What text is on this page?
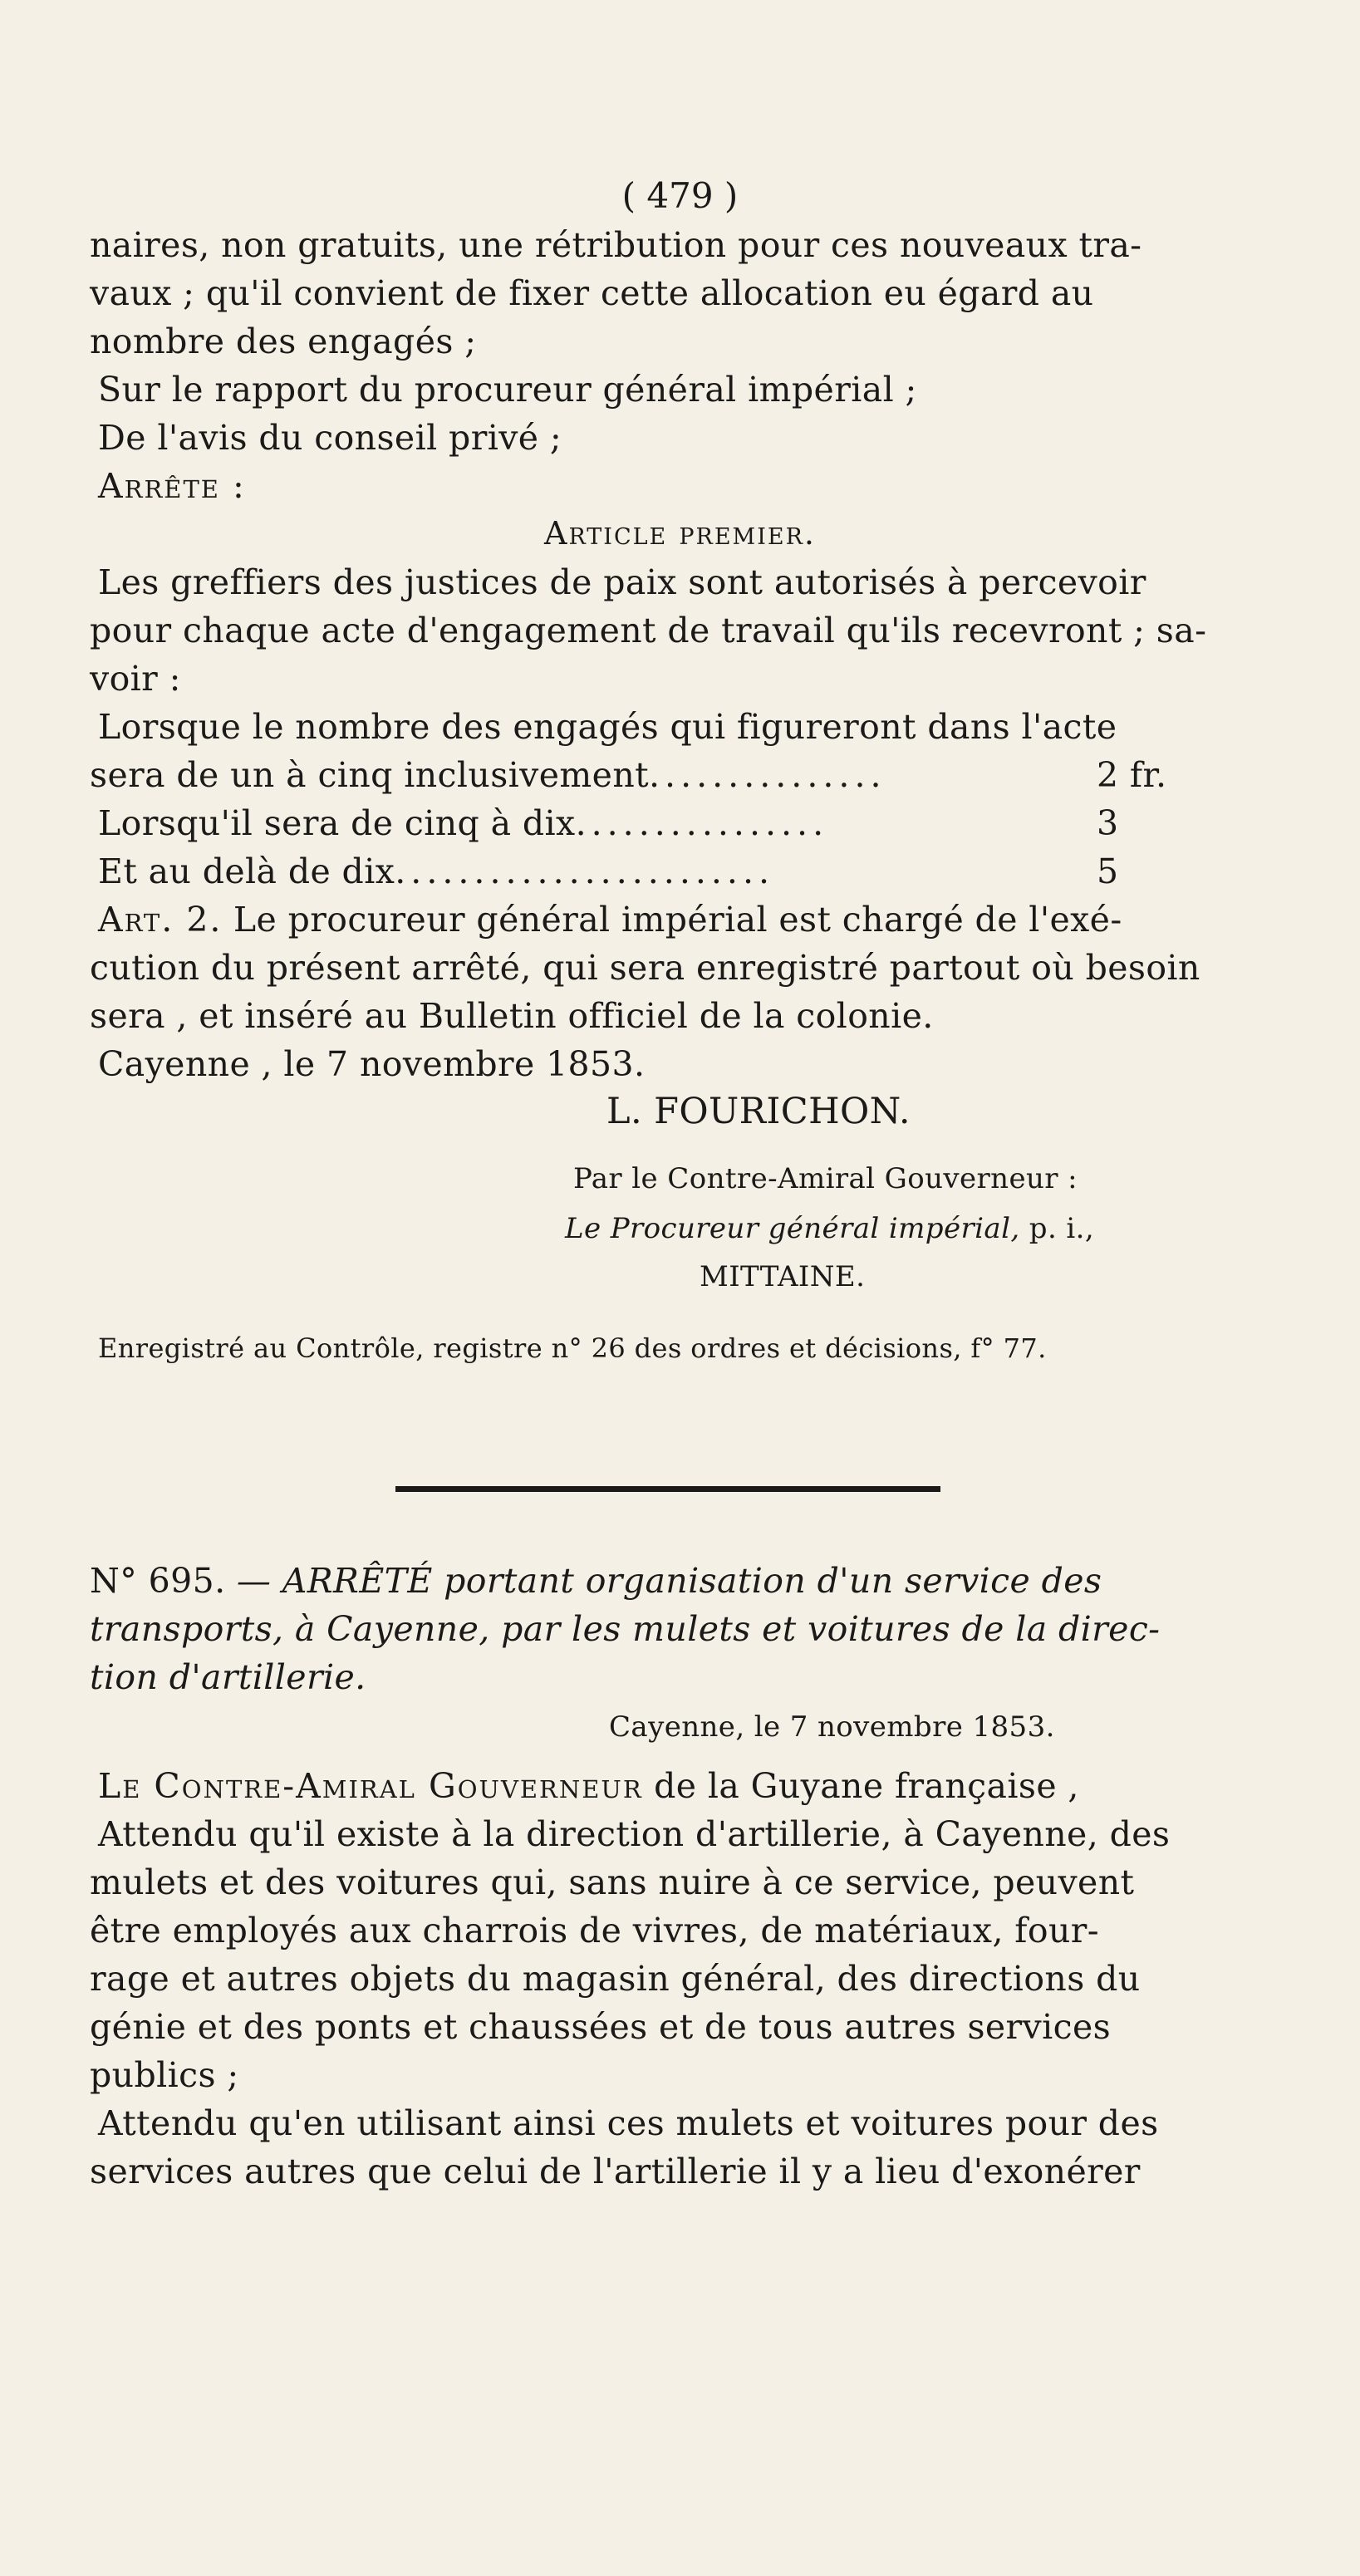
( 479 )
naires, non gratuits, une rétribution pour ces nouveaux tra-
vaux ; qu'il convient de fixer cette allocation eu égard au
nombre des engagés ;
Sur le rapport du procureur général impérial ;
De l'avis du conseil privé ;
Arrête :
Article premier.
Les greffiers des justices de paix sont autorisés à percevoir
pour chaque acte d'engagement de travail qu'ils recevront ; sa-
voir :
Lorsque le nombre des engagés qui figureront dans l'acte
sera de un à cinq inclusivement...............	2 fr.
Lorsqu'il sera de cinq à dix................	3
Et au delà de dix........................	5
Art. 2. Le procureur général impérial est chargé de l'exé-
cution du présent arrêté, qui sera enregistré partout où besoin
sera , et inséré au Bulletin officiel de la colonie.
Cayenne , le 7 novembre 1853.
L. FOURICHON.
Par le Contre-Amiral Gouverneur :
Le Procureur général impérial, p. i.,
MITTAINE.
Enregistré au Contrôle, registre n° 26 des ordres et décisions, f° 77.
N° 695. — ARRÊTÉ portant organisation d'un service des
transports, à Cayenne, par les mulets et voitures de la direc-
tion d'artillerie.
Cayenne, le 7 novembre 1853.
Le Contre-Amiral Gouverneur de la Guyane française ,
Attendu qu'il existe à la direction d'artillerie, à Cayenne, des
mulets et des voitures qui, sans nuire à ce service, peuvent
être employés aux charrois de vivres, de matériaux, four-
rage et autres objets du magasin général, des directions du
génie et des ponts et chaussées et de tous autres services
publics ;
Attendu qu'en utilisant ainsi ces mulets et voitures pour des
services autres que celui de l'artillerie il y a lieu d'exonérer
